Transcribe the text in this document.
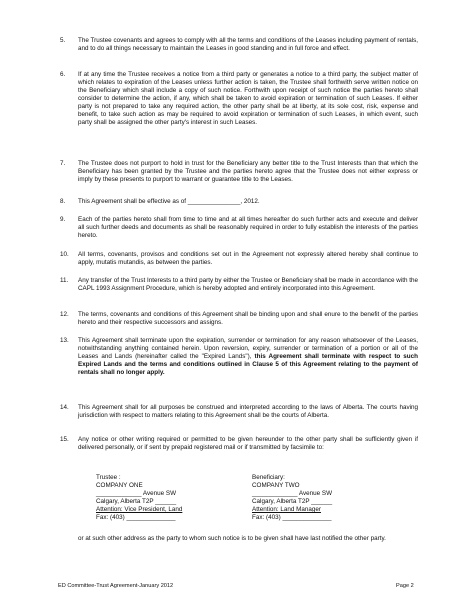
5. The Trustee covenants and agrees to comply with all the terms and conditions of the Leases including payment of rentals, and to do all things necessary to maintain the Leases in good standing and in full force and effect.
6. If at any time the Trustee receives a notice from a third party or generates a notice to a third party, the subject matter of which relates to expiration of the Leases unless further action is taken, the Trustee shall forthwith serve written notice on the Beneficiary which shall include a copy of such notice. Forthwith upon receipt of such notice the parties hereto shall consider to determine the action, if any, which shall be taken to avoid expiration or termination of such Leases. If either party is not prepared to take any required action, the other party shall be at liberty, at its sole cost, risk, expense and benefit, to take such action as may be required to avoid expiration or termination of such Leases, in which event, such party shall be assigned the other party's interest in such Leases.
7. The Trustee does not purport to hold in trust for the Beneficiary any better title to the Trust Interests than that which the Beneficiary has been granted by the Trustee and the parties hereto agree that the Trustee does not either express or imply by these presents to purport to warrant or guarantee title to the Leases.
8. This Agreement shall be effective as of _______________, 2012.
9. Each of the parties hereto shall from time to time and at all times hereafter do such further acts and execute and deliver all such further deeds and documents as shall be reasonably required in order to fully establish the interests of the parties hereto.
10. All terms, covenants, provisos and conditions set out in the Agreement not expressly altered hereby shall continue to apply, mutatis mutandis, as between the parties.
11. Any transfer of the Trust Interests to a third party by either the Trustee or Beneficiary shall be made in accordance with the CAPL 1993 Assignment Procedure, which is hereby adopted and entirely incorporated into this Agreement.
12. The terms, covenants and conditions of this Agreement shall be binding upon and shall enure to the benefit of the parties hereto and their respective successors and assigns.
13. This Agreement shall terminate upon the expiration, surrender or termination for any reason whatsoever of the Leases, notwithstanding anything contained herein. Upon reversion, expiry, surrender or termination of a portion or all of the Leases and Lands (hereinafter called the "Expired Lands"), this Agreement shall terminate with respect to such Expired Lands and the terms and conditions outlined in Clause 5 of this Agreement relating to the payment of rentals shall no longer apply.
14. This Agreement shall for all purposes be construed and interpreted according to the laws of Alberta. The courts having jurisdiction with respect to matters relating to this Agreement shall be the courts of Alberta.
15. Any notice or other writing required or permitted to be given hereunder to the other party shall be sufficiently given if delivered personally, or if sent by prepaid registered mail or if transmitted by facsimile to:
Trustee :
COMPANY ONE
_____________ Avenue SW
Calgary, Alberta T2P ______
Attention: Vice President, Land
Fax: (403) ______________
Beneficiary:
COMPANY TWO
_____________ Avenue SW
Calgary, Alberta T2P ______
Attention: Land Manager
Fax: (403) ______________
or at such other address as the party to whom such notice is to be given shall have last notified the other party.
ED Committee-Trust Agreement-January 2012	Page 2
